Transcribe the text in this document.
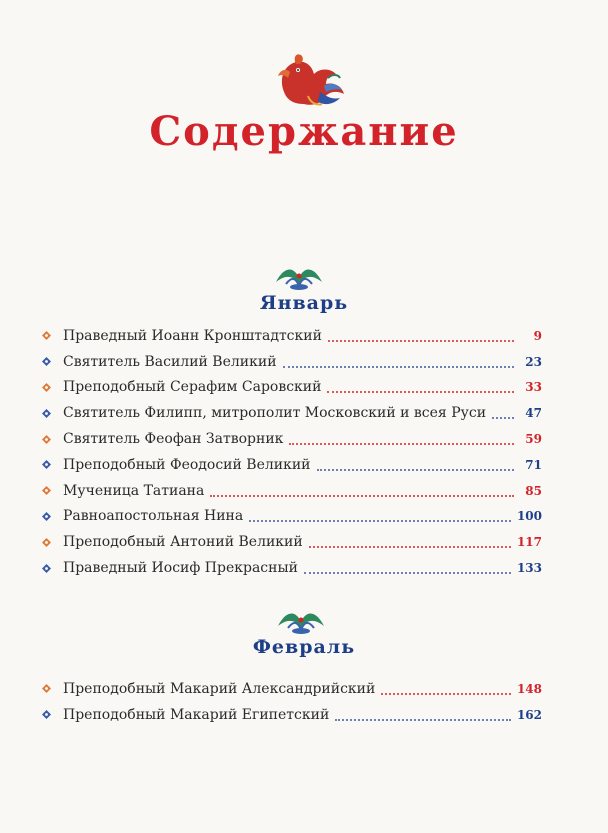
Содержание
Январь
Праведный Иоанн Кронштадтский	9
Святитель Василий Великий	23
Преподобный Серафим Саровский	33
Святитель Филипп, митрополит Московский и всея Руси	47
Святитель Феофан Затворник	59
Преподобный Феодосий Великий	71
Мученица Татиана	85
Равноапостольная Нина	100
Преподобный Антоний Великий	117
Праведный Иосиф Прекрасный	133
Февраль
Преподобный Макарий Александрийский	148
Преподобный Макарий Египетский	162
